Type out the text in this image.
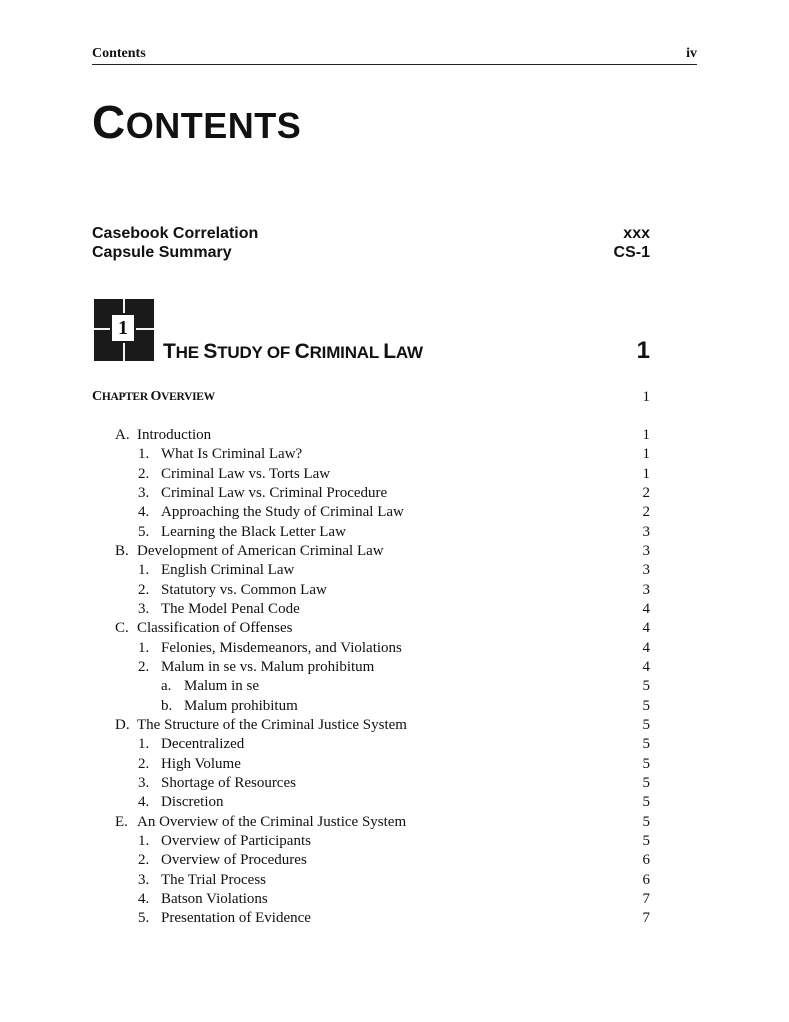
Contents	iv
CONTENTS
Casebook Correlation	xxx
Capsule Summary	CS-1
1
THE STUDY OF CRIMINAL LAW	1
CHAPTER OVERVIEW	1
A. Introduction	1
1. What Is Criminal Law?	1
2. Criminal Law vs. Torts Law	1
3. Criminal Law vs. Criminal Procedure	2
4. Approaching the Study of Criminal Law	2
5. Learning the Black Letter Law	3
B. Development of American Criminal Law	3
1. English Criminal Law	3
2. Statutory vs. Common Law	3
3. The Model Penal Code	4
C. Classification of Offenses	4
1. Felonies, Misdemeanors, and Violations	4
2. Malum in se vs. Malum prohibitum	4
a. Malum in se	5
b. Malum prohibitum	5
D. The Structure of the Criminal Justice System	5
1. Decentralized	5
2. High Volume	5
3. Shortage of Resources	5
4. Discretion	5
E. An Overview of the Criminal Justice System	5
1. Overview of Participants	5
2. Overview of Procedures	6
3. The Trial Process	6
4. Batson Violations	7
5. Presentation of Evidence	7
